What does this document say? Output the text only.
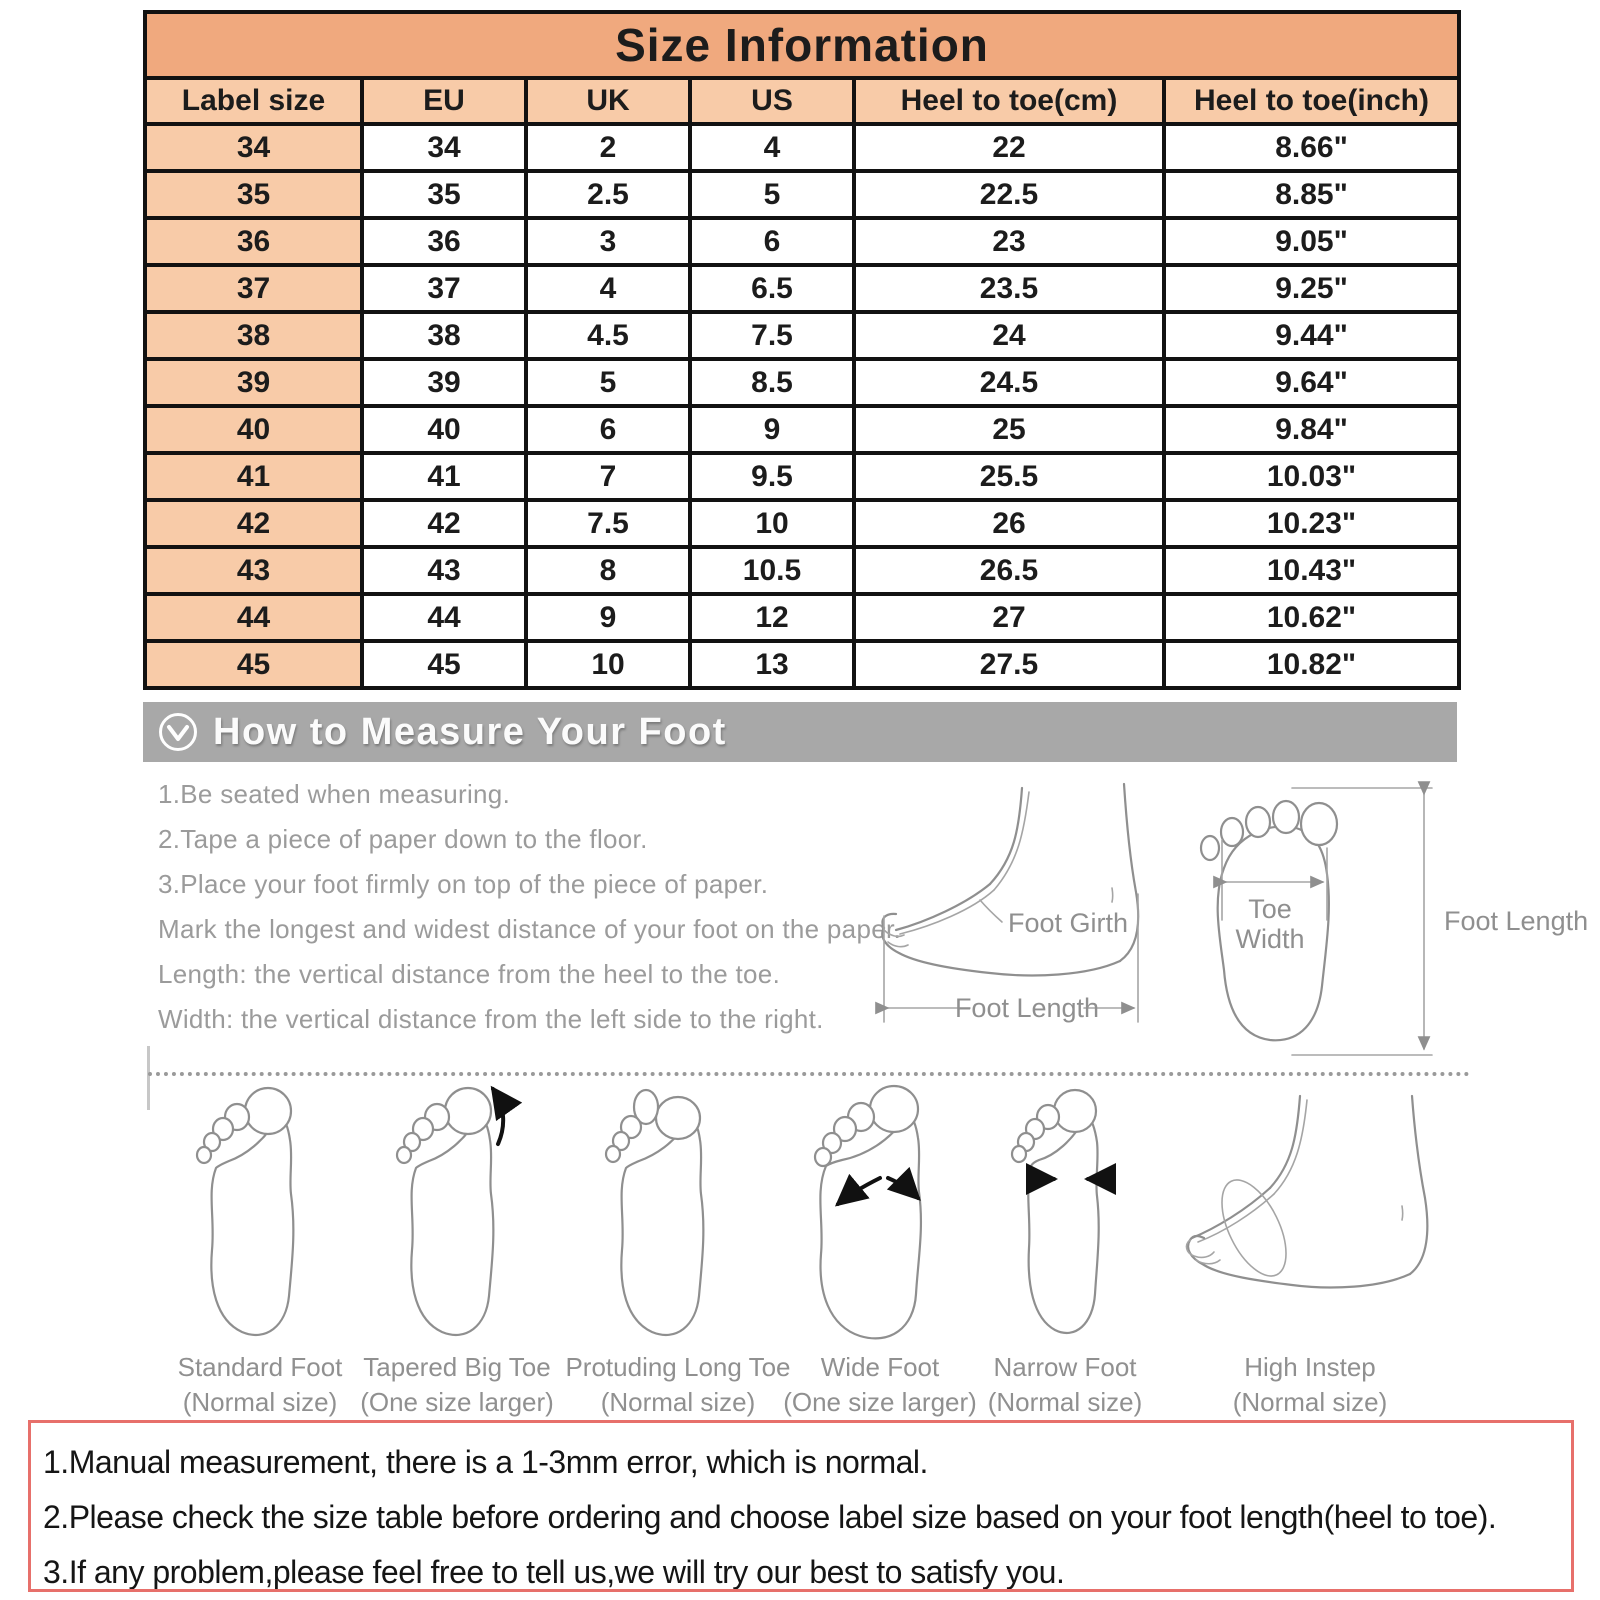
Size Information					
Label size	EU	UK	US	Heel to toe(cm)	Heel to toe(inch)
34	34	2	4	22	8.66"
35	35	2.5	5	22.5	8.85"
36	36	3	6	23	9.05"
37	37	4	6.5	23.5	9.25"
38	38	4.5	7.5	24	9.44"
39	39	5	8.5	24.5	9.64"
40	40	6	9	25	9.84"
41	41	7	9.5	25.5	10.03"
42	42	7.5	10	26	10.23"
43	43	8	10.5	26.5	10.43"
44	44	9	12	27	10.62"
45	45	10	13	27.5	10.82"
How to Measure Your Foot
1.Be seated when measuring.
2.Tape a piece of paper down to the floor.
3.Place your foot firmly on top of the piece of paper.
Mark the longest and widest distance of your foot on the paper.
Length: the vertical distance from the heel to the toe.
Width: the vertical distance from the left side to the right.
Foot Girth
Foot Length
Toe
Width
Foot Length
Standard Foot
(Normal size)
Tapered Big Toe
(One size larger)
Protuding Long Toe
(Normal size)
Wide Foot
(One size larger)
Narrow Foot
(Normal size)
High Instep
(Normal size)
1.Manual measurement, there is a 1-3mm error, which is normal.
2.Please check the size table before ordering and choose label size based on your foot length(heel to toe).
3.If any problem,please feel free to tell us,we will try our best to satisfy you.
